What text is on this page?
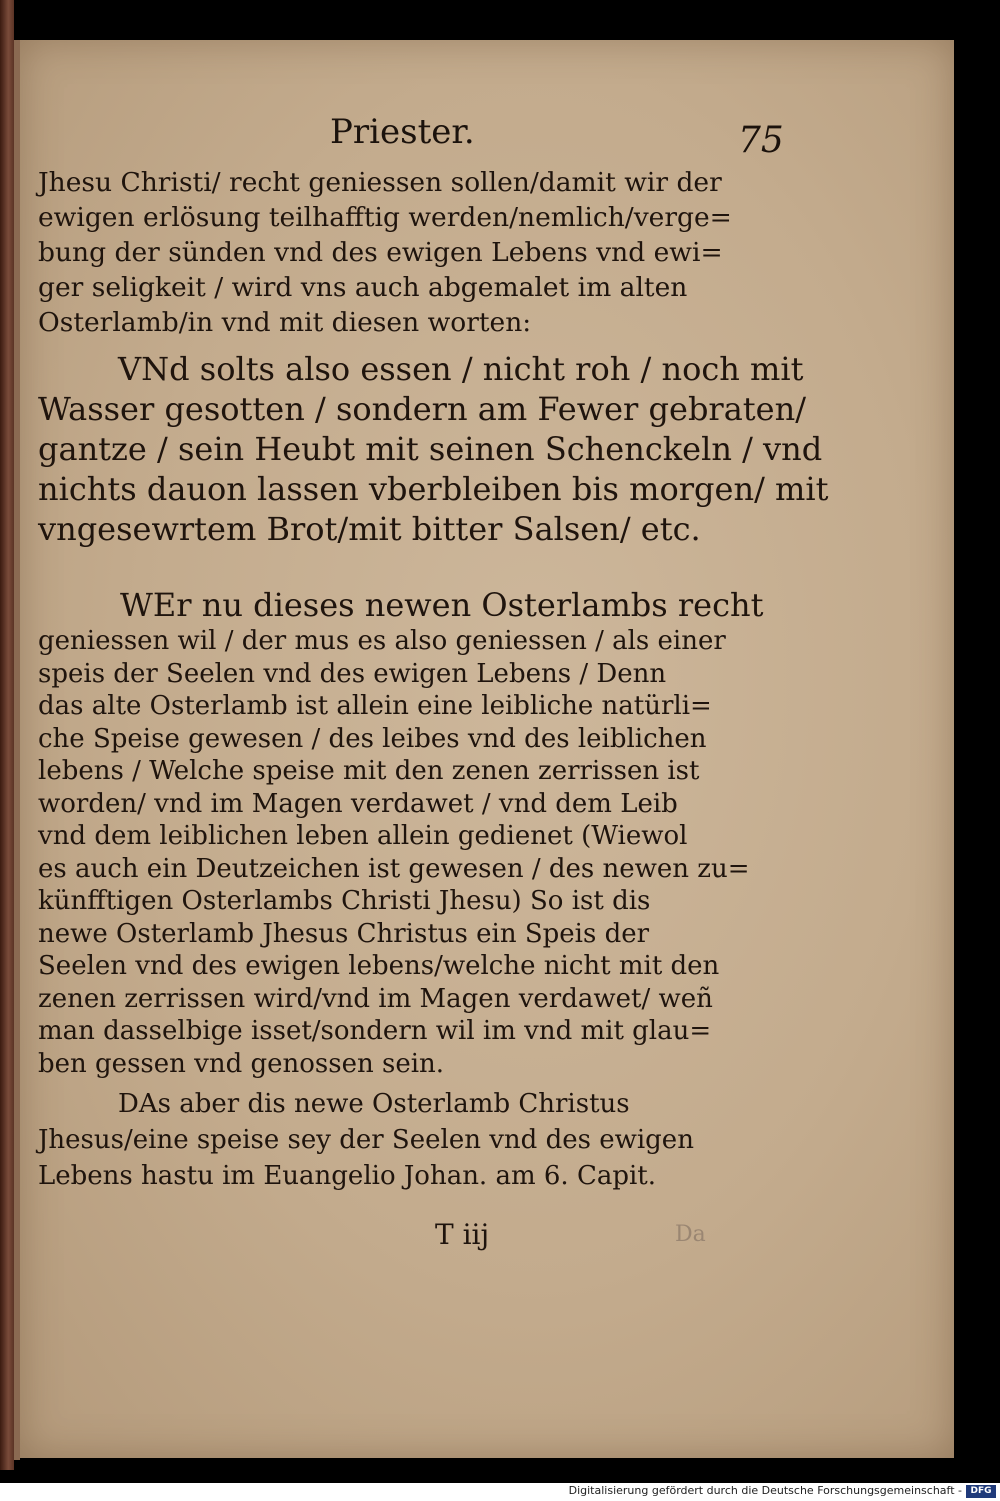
Priester.	75
Jhesu Christi/ recht geniessen sollen/damit wir der
ewigen erlösung teilhafftig werden/nemlich/verge=
bung der sünden vnd des ewigen Lebens vnd ewi=
ger seligkeit / wird vns auch abgemalet im alten
Osterlamb/in vnd mit diesen worten:
VNd solts also essen / nicht roh / noch mit
Wasser gesotten / sondern am Fewer gebraten/
gantze / sein Heubt mit seinen Schenckeln / vnd
nichts dauon lassen vberbleiben bis morgen/ mit
vngesewrtem Brot/mit bitter Salsen/ etc.
WEr nu dieses newen Osterlambs recht
geniessen wil / der mus es also geniessen / als einer
speis der Seelen vnd des ewigen Lebens / Denn
das alte Osterlamb ist allein eine leibliche natürli=
che Speise gewesen / des leibes vnd des leiblichen
lebens / Welche speise mit den zenen zerrissen ist
worden/ vnd im Magen verdawet / vnd dem Leib
vnd dem leiblichen leben allein gedienet (Wiewol
es auch ein Deutzeichen ist gewesen / des newen zu=
künfftigen Osterlambs Christi Jhesu) So ist dis
newe Osterlamb Jhesus Christus ein Speis der
Seelen vnd des ewigen lebens/welche nicht mit den
zenen zerrissen wird/vnd im Magen verdawet/ weñ
man dasselbige isset/sondern wil im vnd mit glau=
ben gessen vnd genossen sein.
DAs aber dis newe Osterlamb Christus
Jhesus/eine speise sey der Seelen vnd des ewigen
Lebens hastu im Euangelio Johan. am 6. Capit.
T iij	Da
Digitalisierung gefördert durch die Deutsche Forschungsgemeinschaft - DFG
